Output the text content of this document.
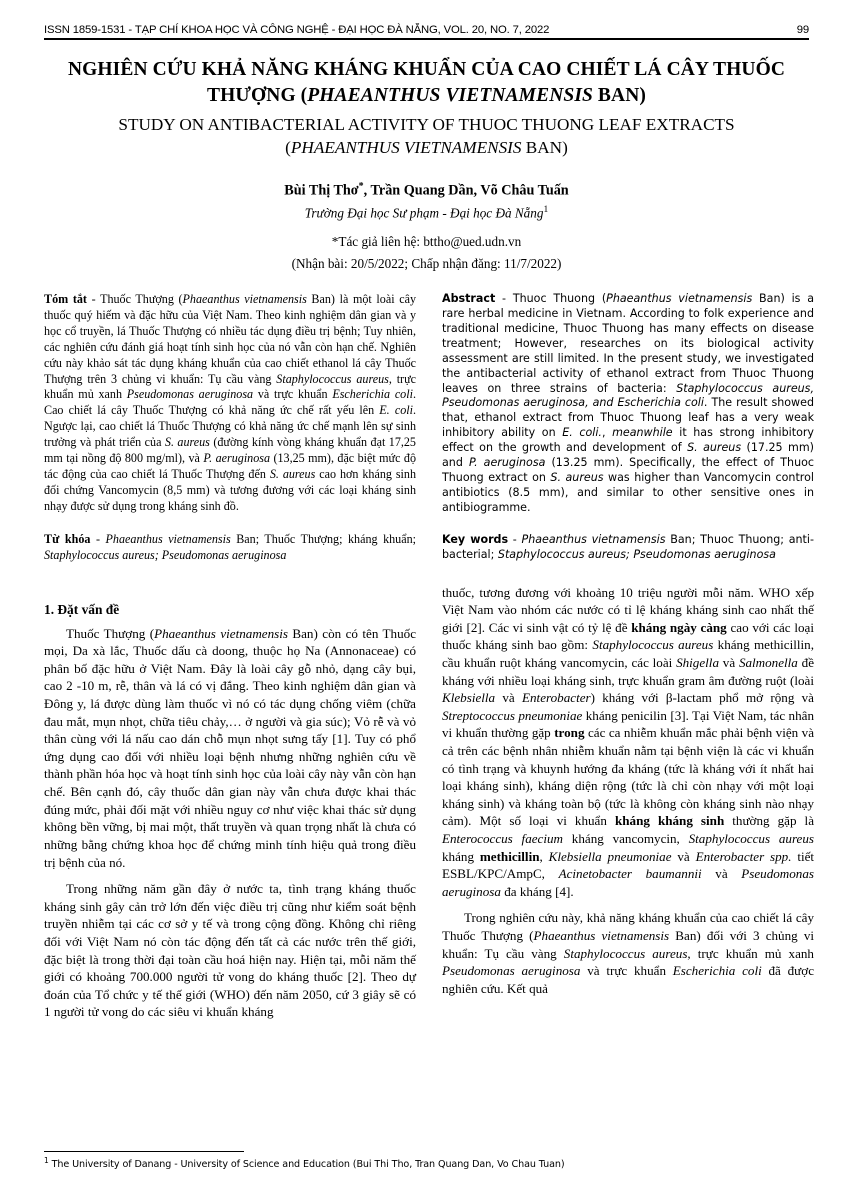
ISSN 1859-1531 - TẠP CHÍ KHOA HỌC VÀ CÔNG NGHỆ - ĐẠI HỌC ĐÀ NẴNG, VOL. 20, NO. 7, 2022	99
NGHIÊN CỨU KHẢ NĂNG KHÁNG KHUẨN CỦA CAO CHIẾT LÁ CÂY THUỐC
THƯỢNG (PHAEANTHUS VIETNAMENSIS BAN)
STUDY ON ANTIBACTERIAL ACTIVITY OF THUOC THUONG LEAF EXTRACTS
(PHAEANTHUS VIETNAMENSIS BAN)
Bùi Thị Thơ*, Trần Quang Dần, Võ Châu Tuấn
Trường Đại học Sư phạm - Đại học Đà Nẵng$^1$
*Tác giả liên hệ: bttho@ued.udn.vn
(Nhận bài: 20/5/2022; Chấp nhận đăng: 11/7/2022)

Tóm tắt - Thuốc Thượng (Phaeanthus vietnamensis Ban) là một loài cây thuốc quý hiếm và đặc hữu của Việt Nam. Theo kinh nghiệm dân gian và y học cổ truyền, lá Thuốc Thượng có nhiều tác dụng điều trị bệnh; Tuy nhiên, các nghiên cứu đánh giá hoạt tính sinh học của nó vẫn còn hạn chế. Nghiên cứu này khảo sát tác dụng kháng khuẩn của cao chiết ethanol lá cây Thuốc Thượng trên 3 chủng vi khuẩn: Tụ cầu vàng Staphylococcus aureus, trực khuẩn mủ xanh Pseudomonas aeruginosa và trực khuẩn Escherichia coli. Cao chiết lá cây Thuốc Thượng có khả năng ức chế rất yếu lên E. coli. Ngược lại, cao chiết lá Thuốc Thượng có khả năng ức chế mạnh lên sự sinh trưởng và phát triển của S. aureus (đường kính vòng kháng khuẩn đạt 17,25 mm tại nồng độ 800 mg/ml), và P. aeruginosa (13,25 mm), đặc biệt mức độ tác động của cao chiết lá Thuốc Thượng đến S. aureus cao hơn kháng sinh đối chứng Vancomycin (8,5 mm) và tương đương với các loại kháng sinh nhạy được sử dụng trong kháng sinh đồ.

Từ khóa - Phaeanthus vietnamensis Ban; Thuốc Thượng; kháng khuẩn; Staphylococcus aureus; Pseudomonas aeruginosa

Abstract - Thuoc Thuong (Phaeanthus vietnamensis Ban) is a rare herbal medicine in Vietnam. According to folk experience and traditional medicine, Thuoc Thuong has many effects on disease treatment; However, researches on its biological activity assessment are still limited. In the present study, we investigated the antibacterial activity of ethanol extract from Thuoc Thuong leaves on three strains of bacteria: Staphylococcus aureus, Pseudomonas aeruginosa, and Escherichia coli. The result showed that, ethanol extract from Thuoc Thuong leaf has a very weak inhibitory ability on E. coli., meanwhile it has strong inhibitory effect on the growth and development of S. aureus (17.25 mm) and P. aeruginosa (13.25 mm). Specifically, the effect of Thuoc Thuong extract on S. aureus was higher than Vancomycin control antibiotics (8.5 mm), and similar to other sensitive ones in antibiogramme.

Key words - Phaeanthus vietnamensis Ban; Thuoc Thuong; anti-bacterial; Staphylococcus aureus; Pseudomonas aeruginosa

1. Đặt vấn đề

Thuốc Thượng (Phaeanthus vietnamensis Ban) còn có tên Thuốc mọi, Da xà lắc, Thuốc dấu cà doong, thuộc họ Na (Annonaceae) có phân bố đặc hữu ở Việt Nam. Đây là loài cây gỗ nhỏ, dạng cây bụi, cao 2 -10 m, rễ, thân và lá có vị đắng. Theo kinh nghiệm dân gian và Đông y, lá được dùng làm thuốc vì nó có tác dụng chống viêm (chữa đau mắt, mụn nhọt, chữa tiêu chảy,… ở người và gia súc); Vỏ rễ và vỏ thân cùng với lá nấu cao dán chỗ mụn nhọt sưng tấy [1]. Tuy có phổ ứng dụng cao đối với nhiều loại bệnh nhưng những nghiên cứu về thành phần hóa học và hoạt tính sinh học của loài cây này vẫn còn hạn chế. Bên cạnh đó, cây thuốc dân gian này vẫn chưa được khai thác đúng mức, phải đối mặt với nhiều nguy cơ như việc khai thác sử dụng không bền vững, bị mai một, thất truyền và quan trọng nhất là chưa có những bằng chứng khoa học để chứng minh tính hiệu quả trong điều trị bệnh của nó.

Trong những năm gần đây ở nước ta, tình trạng kháng thuốc kháng sinh gây cản trở lớn đến việc điều trị cũng như kiểm soát bệnh truyền nhiễm tại các cơ sở y tế và trong cộng đồng. Không chỉ riêng đối với Việt Nam nó còn tác động đến tất cả các nước trên thế giới, đặc biệt là trong thời đại toàn cầu hoá hiện nay. Hiện tại, mỗi năm thế giới có khoảng 700.000 người tử vong do kháng thuốc [2]. Theo dự đoán của Tổ chức y tế thế giới (WHO) đến năm 2050, cứ 3 giây sẽ có 1 người tử vong do các siêu vi khuẩn kháng

thuốc, tương đương với khoảng 10 triệu người mỗi năm. WHO xếp Việt Nam vào nhóm các nước có tỉ lệ kháng kháng sinh cao nhất thế giới [2]. Các vi sinh vật có tỷ lệ đề kháng ngày càng cao với các loại thuốc kháng sinh bao gồm: Staphylococcus aureus kháng methicillin, cầu khuẩn ruột kháng vancomycin, các loài Shigella và Salmonella đề kháng với nhiều loại kháng sinh, trực khuẩn gram âm đường ruột (loài Klebsiella và Enterobacter) kháng với β-lactam phổ mở rộng và Streptococcus pneumoniae kháng penicilin [3]. Tại Việt Nam, tác nhân vi khuẩn thường gặp trong các ca nhiễm khuẩn mắc phải bệnh viện và cả trên các bệnh nhân nhiễm khuẩn nằm tại bệnh viện là các vi khuẩn có tình trạng và khuynh hướng đa kháng (tức là kháng với ít nhất hai loại kháng sinh), kháng diện rộng (tức là chỉ còn nhạy với một loại kháng sinh) và kháng toàn bộ (tức là không còn kháng sinh nào nhạy cảm). Một số loại vi khuẩn kháng kháng sinh thường gặp là Enterococcus faecium kháng vancomycin, Staphylococcus aureus kháng methicillin, Klebsiella pneumoniae và Enterobacter spp. tiết ESBL/KPC/AmpC, Acinetobacter baumannii và Pseudomonas aeruginosa đa kháng [4].

Trong nghiên cứu này, khả năng kháng khuẩn của cao chiết lá cây Thuốc Thượng (Phaeanthus vietnamensis Ban) đối với 3 chủng vi khuẩn: Tụ cầu vàng Staphylococcus aureus, trực khuẩn mủ xanh Pseudomonas aeruginosa và trực khuẩn Escherichia coli đã được nghiên cứu. Kết quả

$^1$ The University of Danang - University of Science and Education (Bui Thi Tho, Tran Quang Dan, Vo Chau Tuan)
